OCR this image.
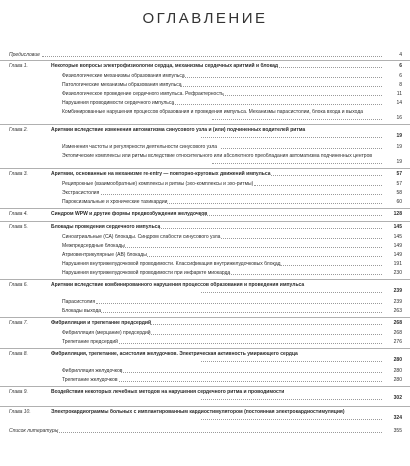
ОГЛАВЛЕНИЕ
Предисловие	4
Глава 1.	Некоторые вопросы электрофизиологии сердца, механизмы сердечных аритмий и блокад	6
Физиологические механизмы образования импульса	6
Патологические механизмы образования импульса	8
Физиологическое проведение сердечного импульса. Рефрактерность	11
Нарушения проводимости сердечного импульса	14
Комбинированные нарушения процессов образования и проведения импульса. Механизмы парасистолии, блока входа и выхода
16
Глава 2.	Аритмии вследствие изменения автоматизма синусового узла и (или) подчиненных водителей ритма
19
Изменения частоты и регулярности деятельности синусового узла	19
Эктопические комплексы или ритмы вследствие относительного или абсолютного преобладания автоматизма подчиненных центров
19
Глава 3.	Аритмии, основанные на механизме re-entry — повторно-круговых движений импульса	57
Реципрокные (взаимообратные) комплексы и ритмы (эхо-комплексы и эхо-ритмы)	57
Экстрасистолия	58
Пароксизмальные и хронические тахикардии	60
Глава 4.	Синдром WPW и другие формы предвозбуждения желудочков	128
Глава 5.	Блокады проведения сердечного импульса	145
Синоатриальные (СА) блокады. Синдром слабости синусового узла	145
Межпредсердные блокады	149
Атриовентрикулярные (АВ) блокады	149
Нарушения внутрижелудочковой проводимости. Классификация внутрижелудочковых блокад	191
Нарушения внутрижелудочковой проводимости при инфаркте миокарда	230
Глава 6.	Аритмии вследствие комбинированного нарушения процессов образования и проведения импульса
239
Парасистолия	239
Блокады выхода	263
Глава 7.	Фибрилляция и трепетание предсердий	268
Фибрилляция (мерцание) предсердий	268
Трепетание предсердий	276
Глава 8.	Фибрилляция, трепетание, асистолия желудочков. Электрическая активность умирающего сердца
280
Фибрилляция желудочков	280
Трепетание желудочков	280
Глава 9.	Воздействия некоторых лечебных методов на нарушения сердечного ритма и проводимости
302
Глава 10.	Электрокардиограммы больных с имплантированным кардиостимулятором (постоянная электрокардиостимуляция)
324
Список литературы	355
